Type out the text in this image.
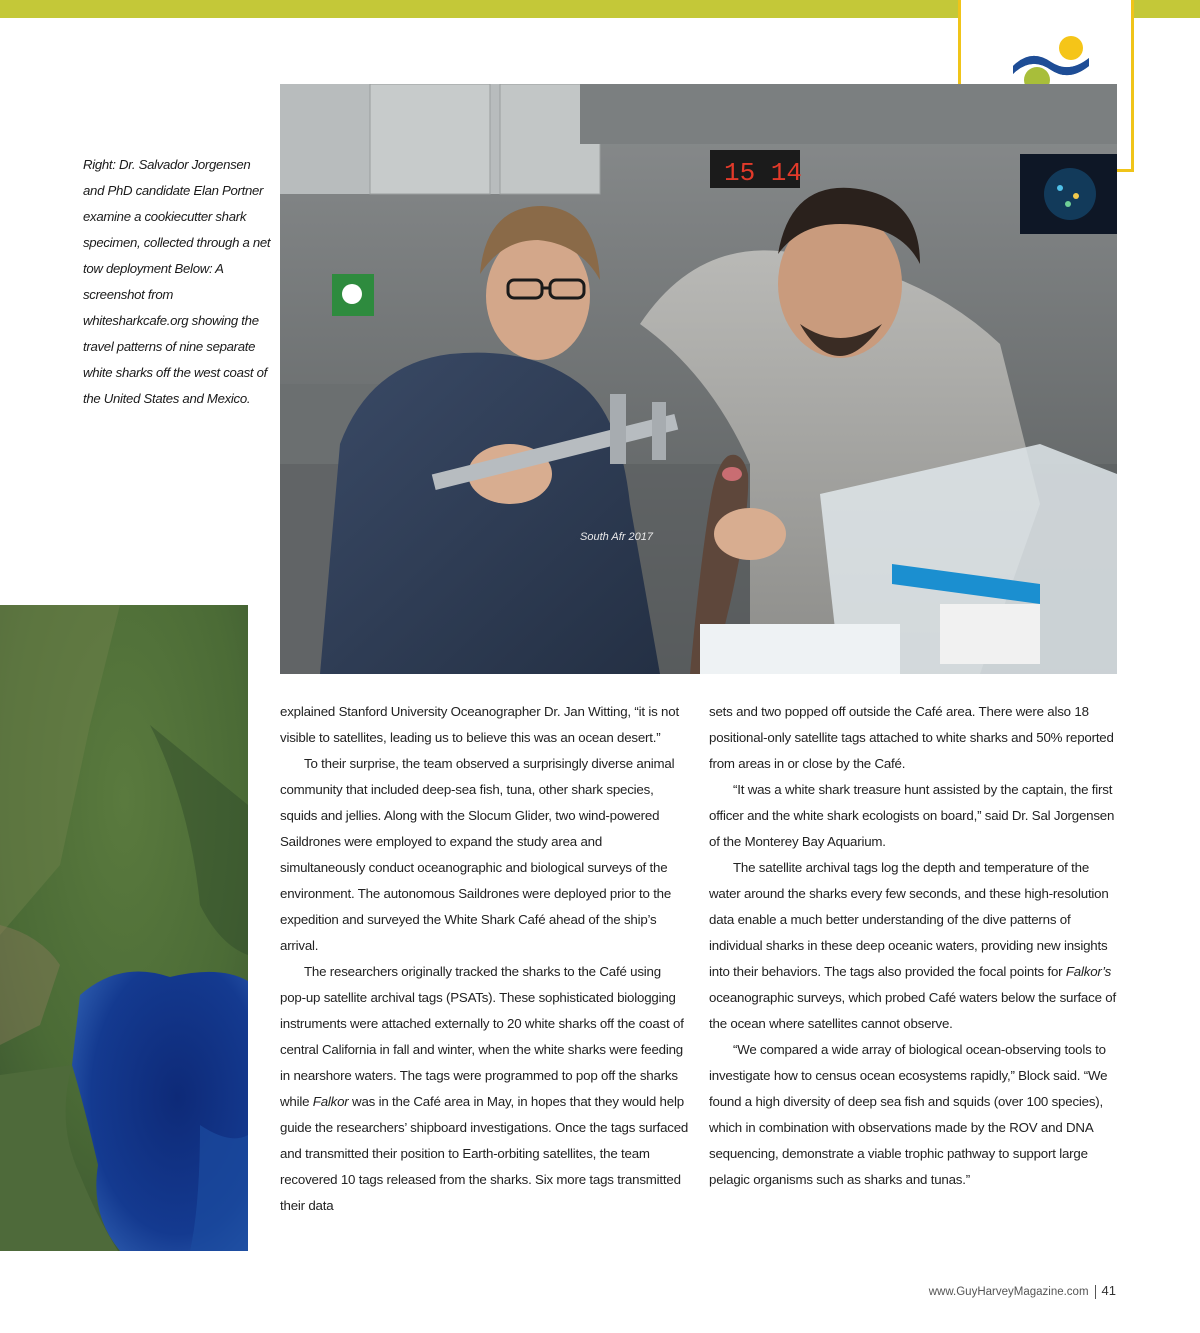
Right: Dr. Salvador Jorgensen and PhD candidate Elan Portner examine a cookiecutter shark specimen, collected through a net tow deployment Below: A screenshot from whitesharkcafe.org showing the travel patterns of nine separate white sharks off the west coast of the United States and Mexico.
15 14
South Afr 2017

explained Stanford University Oceanographer Dr. Jan Witting, “it is not visible to satellites, leading us to believe this was an ocean desert.”

To their surprise, the team observed a surprisingly diverse animal community that included deep-sea fish, tuna, other shark species, squids and jellies. Along with the Slocum Glider, two wind-powered Saildrones were employed to expand the study area and simultaneously conduct oceanographic and biological surveys of the environment. The autonomous Saildrones were deployed prior to the expedition and surveyed the White Shark Café ahead of the ship’s arrival.

The researchers originally tracked the sharks to the Café using pop-up satellite archival tags (PSATs). These sophisticated biologging instruments were attached externally to 20 white sharks off the coast of central California in fall and winter, when the white sharks were feeding in nearshore waters. The tags were programmed to pop off the sharks while Falkor was in the Café area in May, in hopes that they would help guide the researchers’ shipboard investigations. Once the tags surfaced and transmitted their position to Earth-orbiting satellites, the team recovered 10 tags released from the sharks. Six more tags transmitted their data

sets and two popped off outside the Café area. There were also 18 positional-only satellite tags attached to white sharks and 50% reported from areas in or close by the Café.

“It was a white shark treasure hunt assisted by the captain, the first officer and the white shark ecologists on board,” said Dr. Sal Jorgensen of the Monterey Bay Aquarium.

The satellite archival tags log the depth and temperature of the water around the sharks every few seconds, and these high-resolution data enable a much better understanding of the dive patterns of individual sharks in these deep oceanic waters, providing new insights into their behaviors. The tags also provided the focal points for Falkor’s oceanographic surveys, which probed Café waters below the surface of the ocean where satellites cannot observe.

“We compared a wide array of biological ocean-observing tools to investigate how to census ocean ecosystems rapidly,” Block said. “We found a high diversity of deep sea fish and squids (over 100 species), which in combination with observations made by the ROV and DNA sequencing, demonstrate a viable trophic pathway to support large pelagic organisms such as sharks and tunas.”

www.GuyHarveyMagazine.com 41
